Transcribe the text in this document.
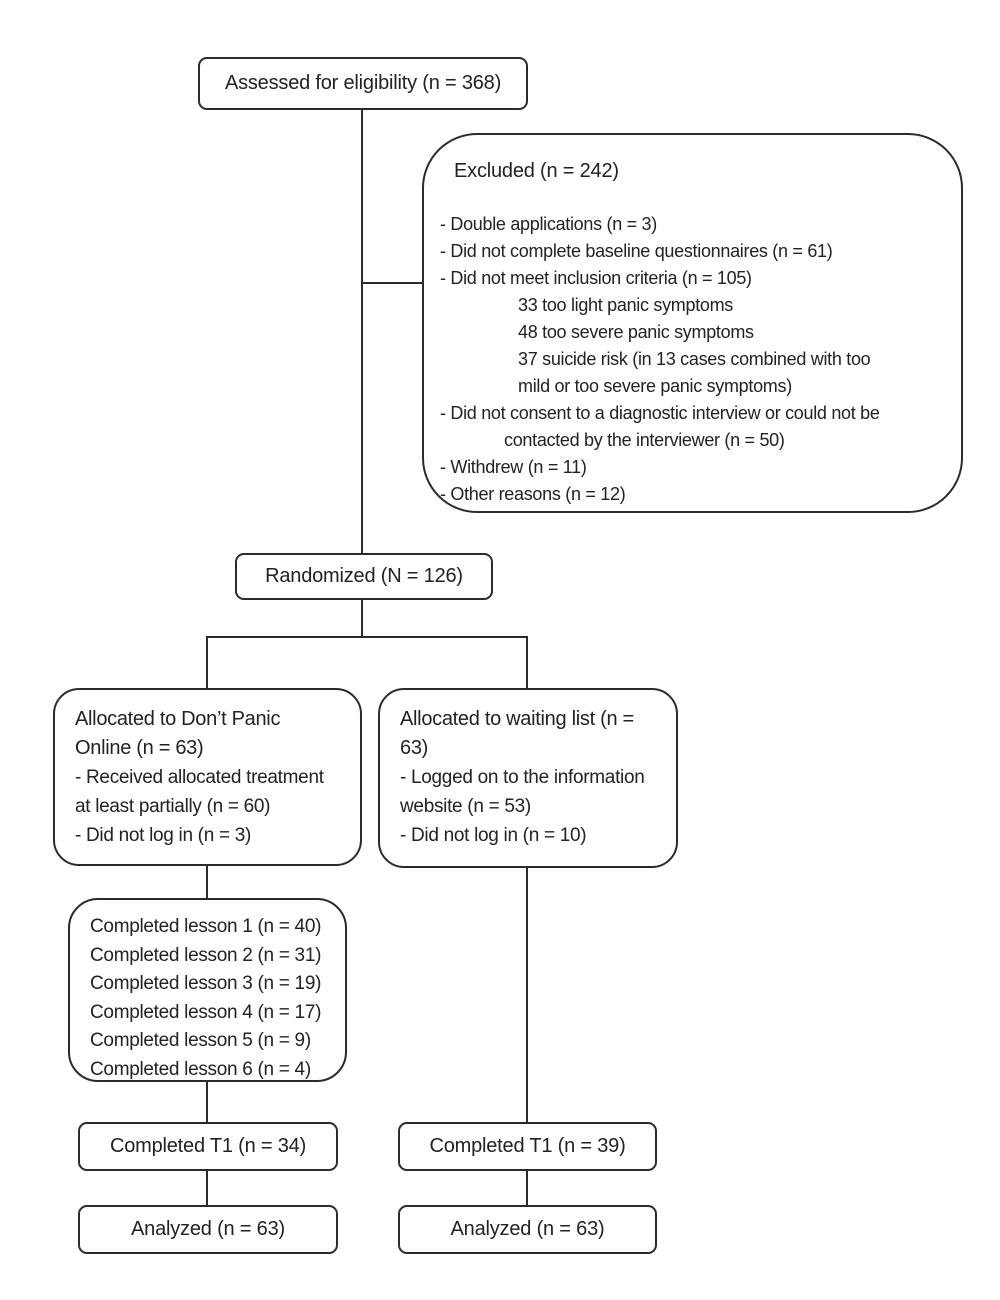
Assessed for eligibility (n = 368)
Excluded (n = 242)
- Double applications (n = 3)
- Did not complete baseline questionnaires (n = 61)
- Did not meet inclusion criteria (n = 105)
33 too light panic symptoms
48 too severe panic symptoms
37 suicide risk (in 13 cases combined with too
mild or too severe panic symptoms)
- Did not consent to a diagnostic interview or could not be
contacted by the interviewer (n = 50)
- Withdrew (n = 11)
- Other reasons (n = 12)
Randomized (N = 126)
Allocated to Don’t Panic
Online (n = 63)
- Received allocated treatment
at least partially (n = 60)
- Did not log in (n = 3)
Allocated to waiting list (n =
63)
- Logged on to the information
website (n = 53)
- Did not log in (n = 10)
Completed lesson 1 (n = 40)
Completed lesson 2 (n = 31)
Completed lesson 3 (n = 19)
Completed lesson 4 (n = 17)
Completed lesson 5 (n = 9)
Completed lesson 6 (n = 4)
Completed T1 (n = 34)	Completed T1 (n = 39)
Analyzed (n = 63)	Analyzed (n = 63)
